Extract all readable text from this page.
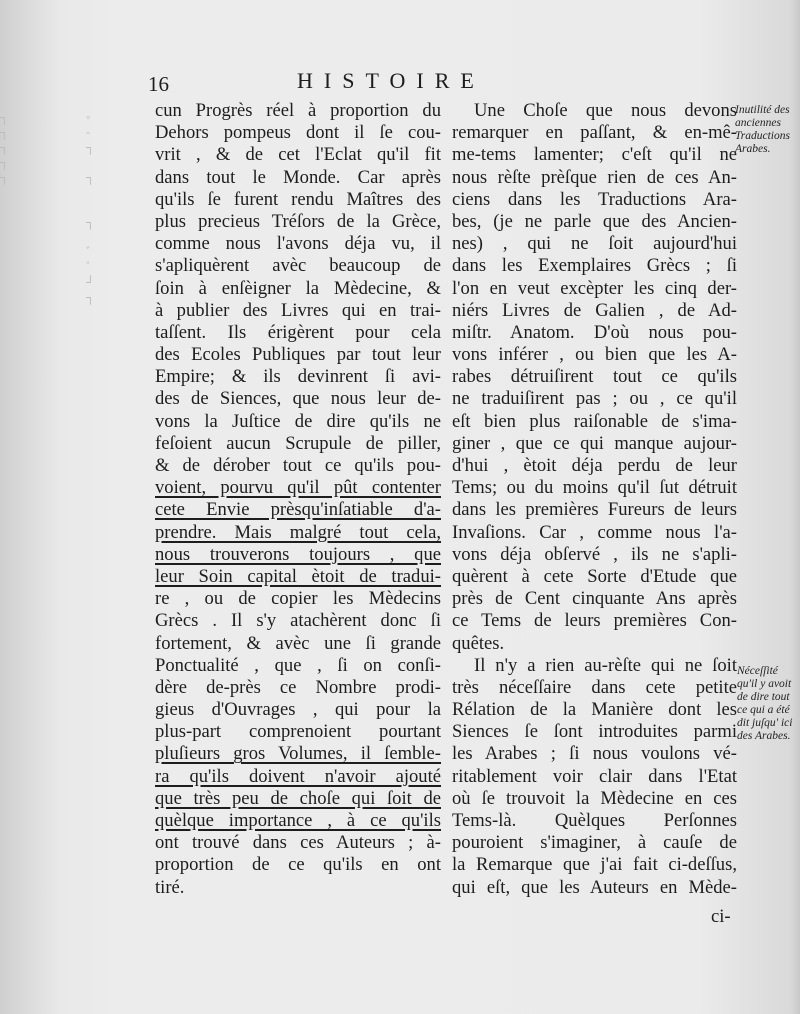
◦
‑
┐

┐

┐

ﾞ
ﾟ
┘
┐
┐
┐
┐
┐
┐
16	HISTOIRE
cun Progrès réel à proportion du
Dehors pompeus dont il ſe cou-
vrit , & de cet l'Eclat qu'il fit
dans tout le Monde. Car après
qu'ils ſe furent rendu Maîtres des
plus precieus Tréſors de la Grèce,
comme nous l'avons déja vu, il
s'apliquèrent avèc beaucoup de
ſoin à enſèigner la Mèdecine, &
à publier des Livres qui en trai-
taſſent. Ils érigèrent pour cela
des Ecoles Publiques par tout leur
Empire; & ils devinrent ſi avi-
des de Siences, que nous leur de-
vons la Juſtice de dire qu'ils ne
feſoient aucun Scrupule de piller,
& de dérober tout ce qu'ils pou-
voient, pourvu qu'il pût contenter
cete Envie prèsqu'inſatiable d'a-
prendre. Mais malgré tout cela,
nous trouverons toujours , que
leur Soin capital ètoit de tradui-
re , ou de copier les Mèdecins
Grècs . Il s'y atachèrent donc ſi
fortement, & avèc une ſi grande
Ponctualité , que , ſi on conſi-
dère de-près ce Nombre prodi-
gieus d'Ouvrages , qui pour la
plus-part comprenoient pourtant
pluſieurs gros Volumes, il ſemble-
ra qu'ils doivent n'avoir ajouté
que très peu de choſe qui ſoit de
quèlque importance , à ce qu'ils
ont trouvé dans ces Auteurs ; à-
proportion de ce qu'ils en ont
tiré.
Une Choſe que nous devons
remarquer en paſſant, & en-mê-
me-tems lamenter; c'eſt qu'il ne
nous rèſte prèſque rien de ces An-
ciens dans les Traductions Ara-
bes, (je ne parle que des Ancien-
nes) , qui ne ſoit aujourd'hui
dans les Exemplaires Grècs ; ſi
l'on en veut excèpter les cinq der-
niérs Livres de Galien , de Ad-
miſtr. Anatom. D'où nous pou-
vons inférer , ou bien que les A-
rabes détruiſirent tout ce qu'ils
ne traduiſirent pas ; ou , ce qu'il
eſt bien plus raiſonable de s'ima-
giner , que ce qui manque aujour-
d'hui , ètoit déja perdu de leur
Tems; ou du moins qu'il ſut détruit
dans les premières Fureurs de leurs
Invaſions. Car , comme nous l'a-
vons déja obſervé , ils ne s'apli-
quèrent à cete Sorte d'Etude que
près de Cent cinquante Ans après
ce Tems de leurs premières Con-
quêtes.
Il n'y a rien au-rèſte qui ne ſoit
très néceſſaire dans cete petite
Rélation de la Manière dont les
Siences ſe ſont introduites parmi
les Arabes ; ſi nous voulons vé-
ritablement voir clair dans l'Etat
où ſe trouvoit la Mèdecine en ces
Tems-là. Quèlques Perſonnes
pouroient s'imaginer, à cauſe de
la Remarque que j'ai fait ci-deſſus,
qui eſt, que les Auteurs en Mède-
Inutilité des anciennes Traductions Arabes.
Néceſſité qu'il y avoit de dire tout ce qui a été dit juſqu' ici des Arabes.
ci-
